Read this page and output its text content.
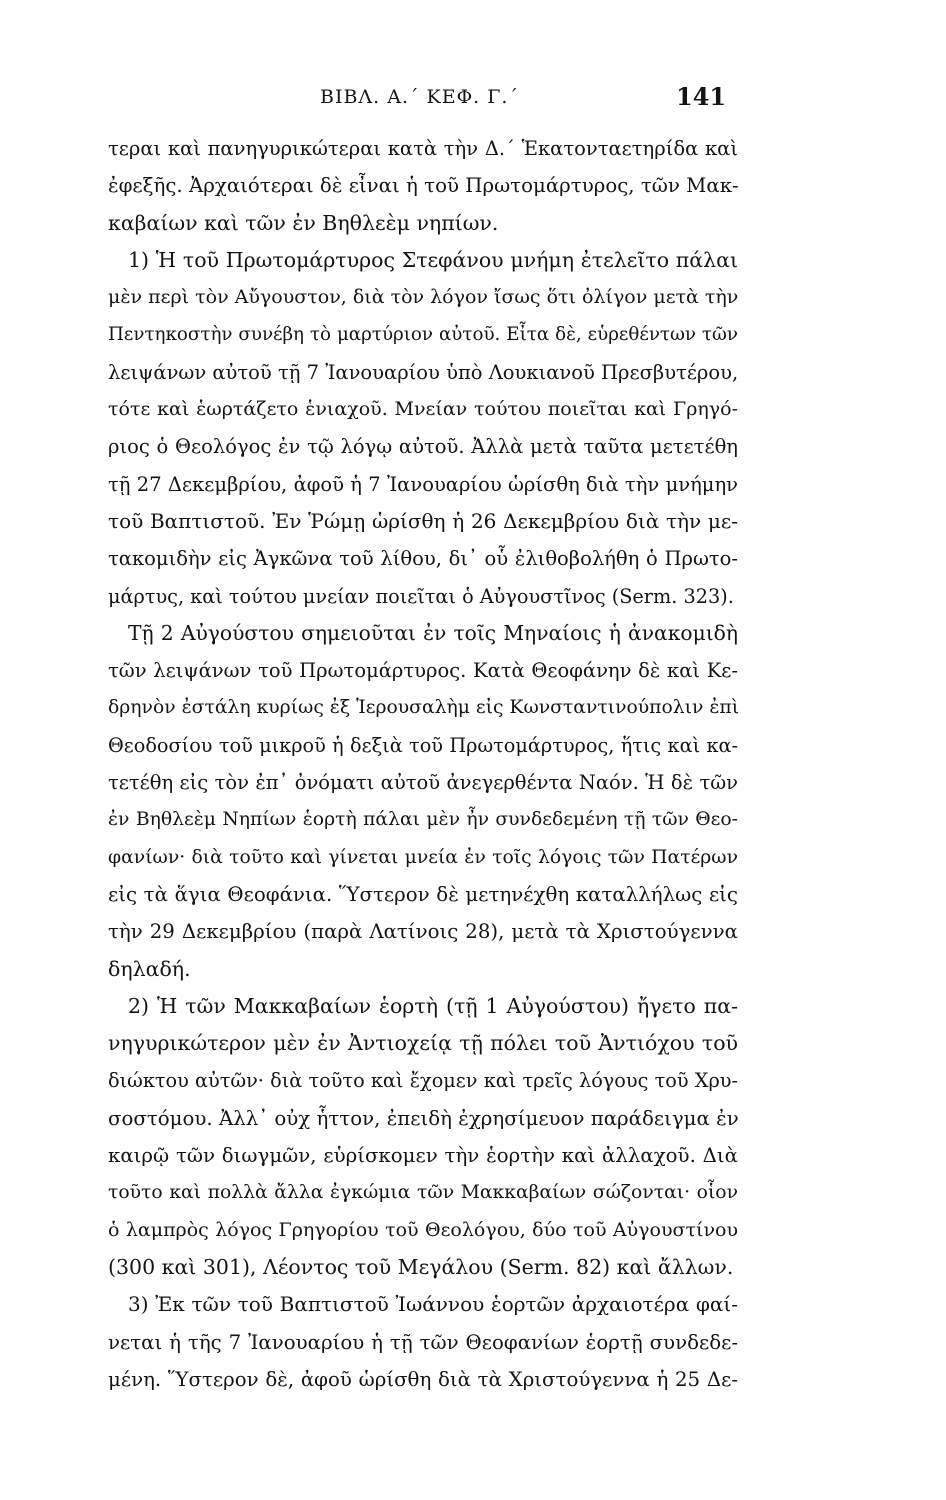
ΒΙΒΛ. Α.΄ ΚΕΦ. Γ.΄	141
τεραι καὶ πανηγυρικώτεραι κατὰ τὴν Δ.΄ Ἑκατονταετηρίδα καὶ
ἐφεξῆς. Ἀρχαιότεραι δὲ εἶναι ἡ τοῦ Πρωτομάρτυρος, τῶν Μακ-
καβαίων καὶ τῶν ἐν Βηθλεὲμ νηπίων.
1) Ἡ τοῦ Πρωτομάρτυρος Στεφάνου μνήμη ἐτελεῖτο πάλαι
μὲν περὶ τὸν Αὔγουστον, διὰ τὸν λόγον ἴσως ὅτι ὀλίγον μετὰ τὴν
Πεντηκοστὴν συνέβη τὸ μαρτύριον αὐτοῦ. Εἶτα δὲ, εὑρεθέντων τῶν
λειψάνων αὐτοῦ τῇ 7 Ἰανουαρίου ὑπὸ Λουκιανοῦ Πρεσβυτέρου,
τότε καὶ ἑωρτάζετο ἑνιαχοῦ. Μνείαν τούτου ποιεῖται καὶ Γρηγό-
ριος ὁ Θεολόγος ἐν τῷ λόγῳ αὐτοῦ. Ἀλλὰ μετὰ ταῦτα μετετέθη
τῇ 27 Δεκεμβρίου, ἀφοῦ ἡ 7 Ἰανουαρίου ὡρίσθη διὰ τὴν μνήμην
τοῦ Βαπτιστοῦ. Ἐν Ῥώμῃ ὡρίσθη ἡ 26 Δεκεμβρίου διὰ τὴν με-
τακομιδὴν εἰς Ἀγκῶνα τοῦ λίθου, δι᾽ οὗ ἐλιθοβολήθη ὁ Πρωτο-
μάρτυς, καὶ τούτου μνείαν ποιεῖται ὁ Αὐγουστῖνος (Serm. 323).
Τῇ 2 Αὐγούστου σημειοῦται ἐν τοῖς Μηναίοις ἡ ἀνακομιδὴ
τῶν λειψάνων τοῦ Πρωτομάρτυρος. Κατὰ Θεοφάνην δὲ καὶ Κε-
δρηνὸν ἐστάλη κυρίως ἐξ Ἱερουσαλὴμ εἰς Κωνσταντινούπολιν ἐπὶ
Θεοδοσίου τοῦ μικροῦ ἡ δεξιὰ τοῦ Πρωτομάρτυρος, ἥτις καὶ κα-
τετέθη εἰς τὸν ἐπ᾽ ὀνόματι αὐτοῦ ἀνεγερθέντα Ναόν. Ἡ δὲ τῶν
ἐν Βηθλεὲμ Νηπίων ἑορτὴ πάλαι μὲν ἦν συνδεδεμένη τῇ τῶν Θεο-
φανίων· διὰ τοῦτο καὶ γίνεται μνεία ἐν τοῖς λόγοις τῶν Πατέρων
εἰς τὰ ἅγια Θεοφάνια. Ὕστερον δὲ μετηνέχθη καταλλήλως εἰς
τὴν 29 Δεκεμβρίου (παρὰ Λατίνοις 28), μετὰ τὰ Χριστούγεννα
δηλαδή.
2) Ἡ τῶν Μακκαβαίων ἑορτὴ (τῇ 1 Αὐγούστου) ἤγετο πα-
νηγυρικώτερον μὲν ἐν Ἀντιοχείᾳ τῇ πόλει τοῦ Ἀντιόχου τοῦ
διώκτου αὐτῶν· διὰ τοῦτο καὶ ἔχομεν καὶ τρεῖς λόγους τοῦ Χρυ-
σοστόμου. Ἀλλ᾽ οὐχ ἧττον, ἐπειδὴ ἐχρησίμευον παράδειγμα ἐν
καιρῷ τῶν διωγμῶν, εὑρίσκομεν τὴν ἑορτὴν καὶ ἀλλαχοῦ. Διὰ
τοῦτο καὶ πολλὰ ἄλλα ἐγκώμια τῶν Μακκαβαίων σώζονται· οἷον
ὁ λαμπρὸς λόγος Γρηγορίου τοῦ Θεολόγου, δύο τοῦ Αὐγουστίνου
(300 καὶ 301), Λέοντος τοῦ Μεγάλου (Serm. 82) καὶ ἄλλων.
3) Ἐκ τῶν τοῦ Βαπτιστοῦ Ἰωάννου ἑορτῶν ἀρχαιοτέρα φαί-
νεται ἡ τῆς 7 Ἰανουαρίου ἡ τῇ τῶν Θεοφανίων ἑορτῇ συνδεδε-
μένη. Ὕστερον δὲ, ἀφοῦ ὡρίσθη διὰ τὰ Χριστούγεννα ἡ 25 Δε-
